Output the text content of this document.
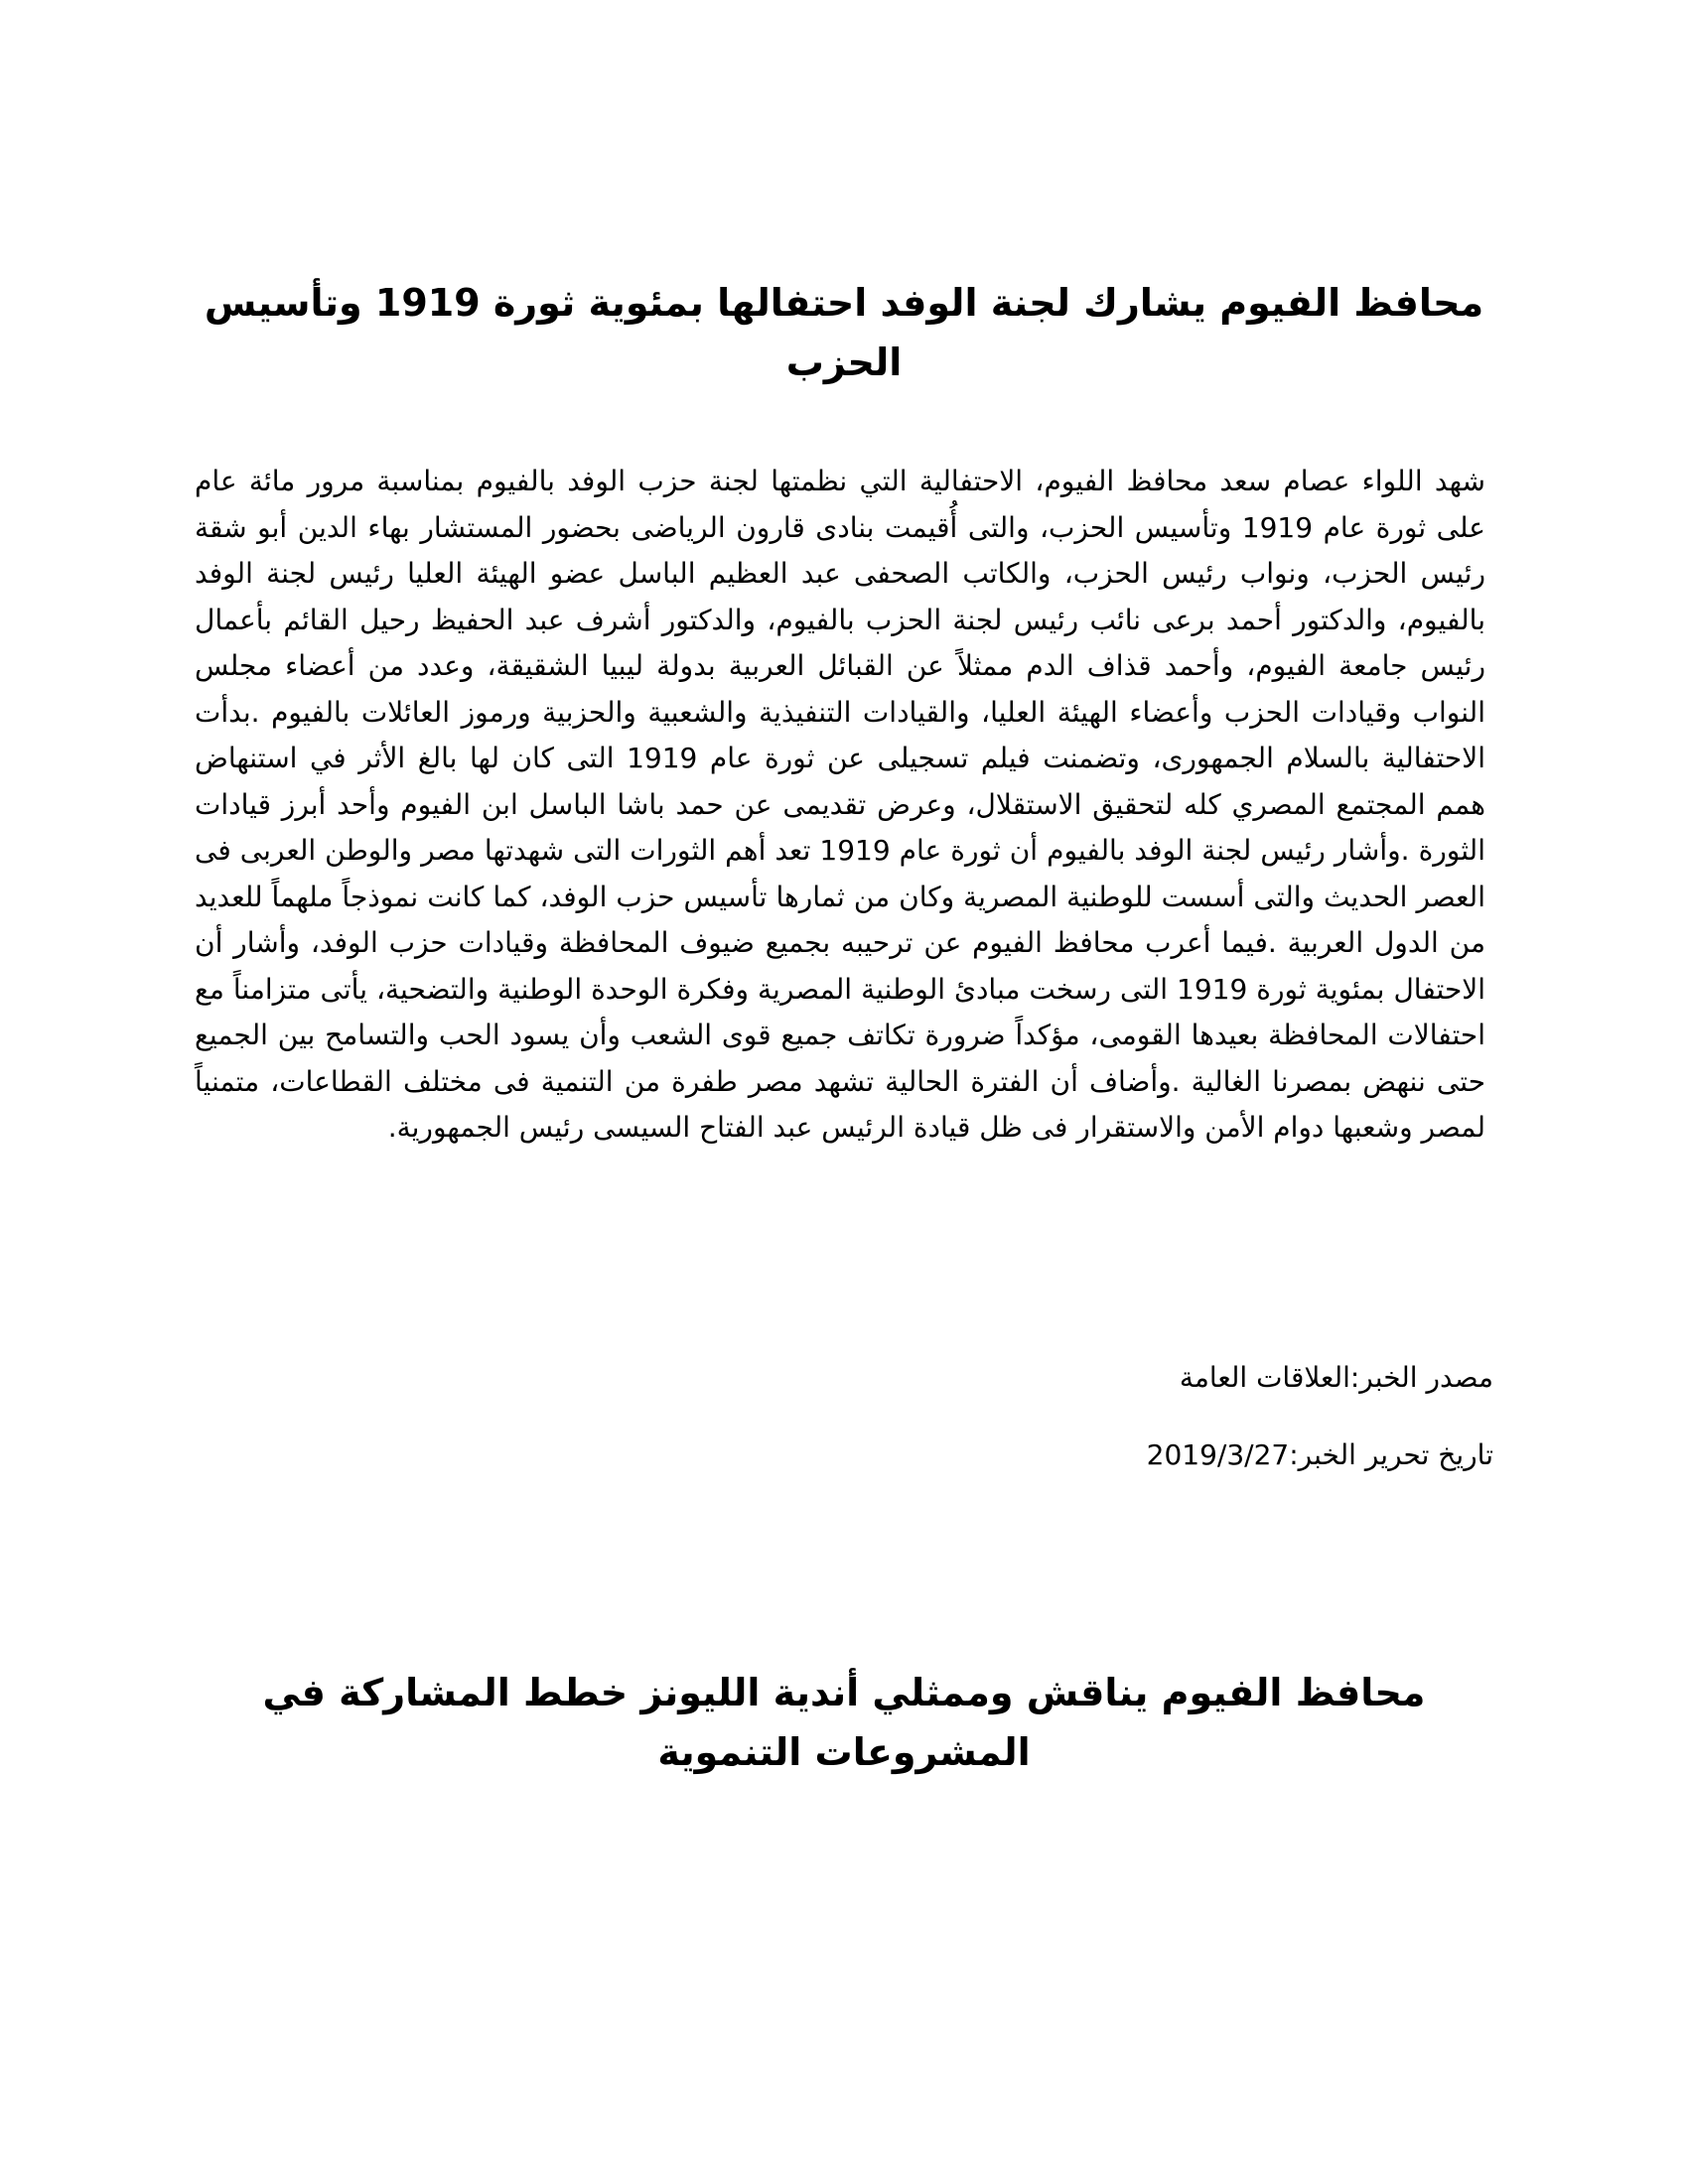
محافظ الفيوم يشارك لجنة الوفد احتفالها بمئوية ثورة 1919 وتأسيس الحزب

شهد اللواء عصام سعد محافظ الفيوم، الاحتفالية التي نظمتها لجنة حزب الوفد بالفيوم بمناسبة مرور مائة عام على ثورة عام 1919 وتأسيس الحزب، والتى أُقيمت بنادى قارون الرياضى بحضور المستشار بهاء الدين أبو شقة رئيس الحزب، ونواب رئيس الحزب، والكاتب الصحفى عبد العظيم الباسل عضو الهيئة العليا رئيس لجنة الوفد بالفيوم، والدكتور أحمد برعى نائب رئيس لجنة الحزب بالفيوم، والدكتور أشرف عبد الحفيظ رحيل القائم بأعمال رئيس جامعة الفيوم، وأحمد قذاف الدم ممثلاً عن القبائل العربية بدولة ليبيا الشقيقة، وعدد من أعضاء مجلس النواب وقيادات الحزب وأعضاء الهيئة العليا، والقيادات التنفيذية والشعبية والحزبية ورموز العائلات بالفيوم .بدأت الاحتفالية بالسلام الجمهورى، وتضمنت فيلم تسجيلى عن ثورة عام 1919 التى كان لها بالغ الأثر في استنهاض همم المجتمع المصري كله لتحقيق الاستقلال، وعرض تقديمى عن حمد باشا الباسل ابن الفيوم وأحد أبرز قيادات الثورة .وأشار رئيس لجنة الوفد بالفيوم أن ثورة عام 1919 تعد أهم الثورات التى شهدتها مصر والوطن العربى فى العصر الحديث والتى أسست للوطنية المصرية وكان من ثمارها تأسيس حزب الوفد، كما كانت نموذجاً ملهماً للعديد من الدول العربية .فيما أعرب محافظ الفيوم عن ترحيبه بجميع ضيوف المحافظة وقيادات حزب الوفد، وأشار أن الاحتفال بمئوية ثورة 1919 التى رسخت مبادئ الوطنية المصرية وفكرة الوحدة الوطنية والتضحية، يأتى متزامناً مع احتفالات المحافظة بعيدها القومى، مؤكداً ضرورة تكاتف جميع قوى الشعب وأن يسود الحب والتسامح بين الجميع حتى ننهض بمصرنا الغالية .وأضاف أن الفترة الحالية تشهد مصر طفرة من التنمية فى مختلف القطاعات، متمنياً لمصر وشعبها دوام الأمن والاستقرار فى ظل قيادة الرئيس عبد الفتاح السيسى رئيس الجمهورية.

مصدر الخبر:العلاقات العامة

تاريخ تحرير الخبر:2019/3/27

محافظ الفيوم يناقش وممثلي أندية الليونز خطط المشاركة في المشروعات التنموية
